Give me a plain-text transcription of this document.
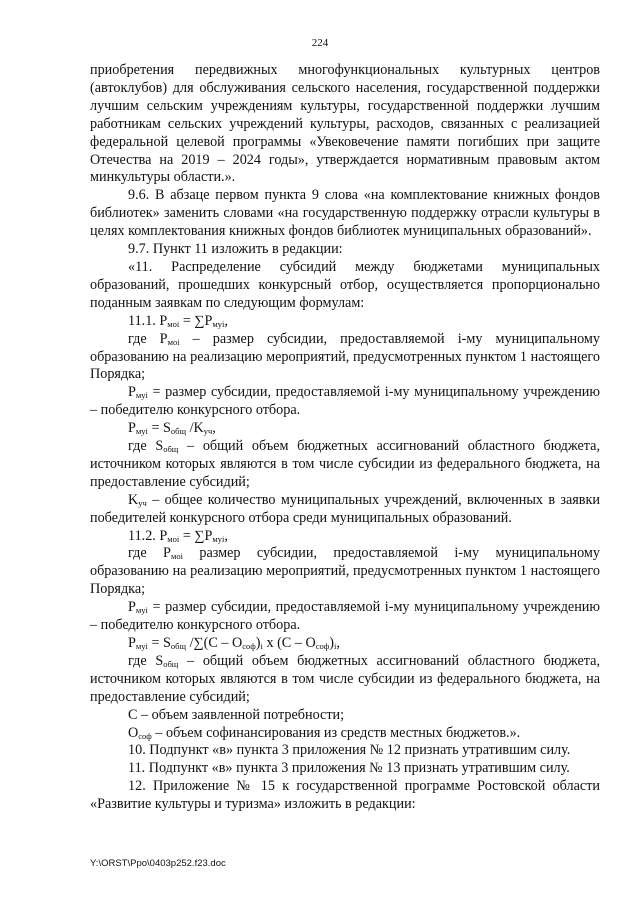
224

приобретения передвижных многофункциональных культурных центров (автоклубов) для обслуживания сельского населения, государственной поддержки лучшим сельским учреждениям культуры, государственной поддержки лучшим работникам сельских учреждений культуры, расходов, связанных с реализацией федеральной целевой программы «Увековечение памяти погибших при защите Отечества на 2019 – 2024 годы», утверждается нормативным правовым актом минкультуры области.».

9.6. В абзаце первом пункта 9 слова «на комплектование книжных фондов библиотек» заменить словами «на государственную поддержку отрасли культуры в целях комплектования книжных фондов библиотек муниципальных образований».

9.7. Пункт 11 изложить в редакции:

«11. Распределение субсидий между бюджетами муниципальных образований, прошедших конкурсный отбор, осуществляется пропорционально поданным заявкам по следующим формулам:

11.1. $P_{моі} = \sum P_{муі}$,

где $P_{моі}$ – размер субсидии, предоставляемой і-му муниципальному образованию на реализацию мероприятий, предусмотренных пунктом 1 настоящего Порядка;

$P_{муі}$ = размер субсидии, предоставляемой і-му муниципальному учреждению – победителю конкурсного отбора.

$P_{муі} = S_{общ}$ $/K_{уч}$,

где $S_{общ}$ – общий объем бюджетных ассигнований областного бюджета, источником которых являются в том числе субсидии из федерального бюджета, на предоставление субсидий;

$K_{уч}$ – общее количество муниципальных учреждений, включенных в заявки победителей конкурсного отбора среди муниципальных образований.

11.2. $P_{моі} = \sum P_{муі}$,

где $P_{моі}$ размер субсидии, предоставляемой і-му муниципальному образованию на реализацию мероприятий, предусмотренных пунктом 1 настоящего Порядка;

$P_{муі}$ = размер субсидии, предоставляемой і-му муниципальному учреждению – победителю конкурсного отбора.

$P_{муі} = S_{общ}$ $/\sum(C - O_{соф})_і$ x $(C - O_{соф})_і$,

где $S_{общ}$ – общий объем бюджетных ассигнований областного бюджета, источником которых являются в том числе субсидии из федерального бюджета, на предоставление субсидий;

C – объем заявленной потребности;

$O_{соф}$ – объем софинансирования из средств местных бюджетов.».

10. Подпункт «в» пункта 3 приложения № 12 признать утратившим силу.

11. Подпункт «в» пункта 3 приложения № 13 признать утратившим силу.

12. Приложение № 15 к государственной программе Ростовской области «Развитие культуры и туризма» изложить в редакции:

Y:\ORST\Ppo\0403p252.f23.doc
